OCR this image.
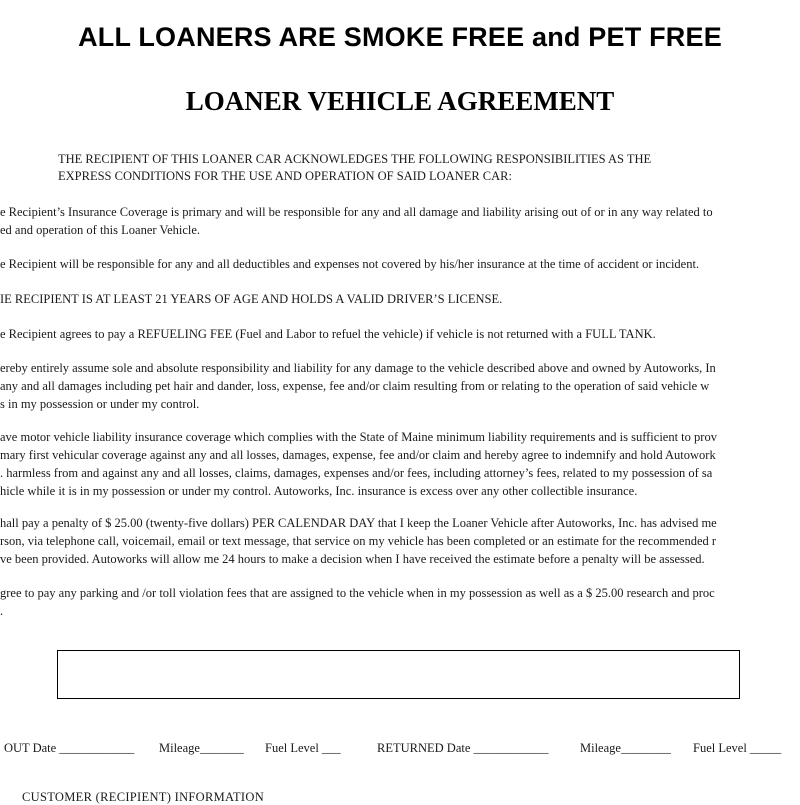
ALL LOANERS ARE SMOKE FREE and PET FREE
LOANER VEHICLE AGREEMENT
THE RECIPIENT OF THIS LOANER CAR ACKNOWLEDGES THE FOLLOWING RESPONSIBILITIES AS THE
EXPRESS CONDITIONS FOR THE USE AND OPERATION OF SAID LOANER CAR:
e Recipient’s Insurance Coverage is primary and will be responsible for any and all damage and liability arising out of or in any way related to
ed and operation of this Loaner Vehicle.
e Recipient will be responsible for any and all deductibles and expenses not covered by his/her insurance at the time of accident or incident.
IE RECIPIENT IS AT LEAST 21 YEARS OF AGE AND HOLDS A VALID DRIVER’S LICENSE.
e Recipient agrees to pay a REFUELING FEE (Fuel and Labor to refuel the vehicle) if vehicle is not returned with a FULL TANK.
ereby entirely assume sole and absolute responsibility and liability for any damage to the vehicle described above and owned by Autoworks, In
any and all damages including pet hair and dander, loss, expense, fee and/or claim resulting from or relating to the operation of said vehicle w
s in my possession or under my control.
ave motor vehicle liability insurance coverage which complies with the State of Maine minimum liability requirements and is sufficient to prov
mary first vehicular coverage against any and all losses, damages, expense, fee and/or claim and hereby agree to indemnify and hold Autowork
. harmless from and against any and all losses, claims, damages, expenses and/or fees, including attorney’s fees, related to my possession of sa
hicle while it is in my possession or under my control. Autoworks, Inc. insurance is excess over any other collectible insurance.
hall pay a penalty of $ 25.00 (twenty-five dollars) PER CALENDAR DAY that I keep the Loaner Vehicle after Autoworks, Inc. has advised me
rson, via telephone call, voicemail, email or text message, that service on my vehicle has been completed or an estimate for the recommended r
ve been provided. Autoworks will allow me 24 hours to make a decision when I have received the estimate before a penalty will be assessed.
gree to pay any parking and /or toll violation fees that are assigned to the vehicle when in my possession as well as a $ 25.00 research and proc
.
OUT Date ____________ Mileage_______ Fuel Level ___	RETURNED Date ____________	Mileage________ Fuel Level _____
CUSTOMER (RECIPIENT) INFORMATION
